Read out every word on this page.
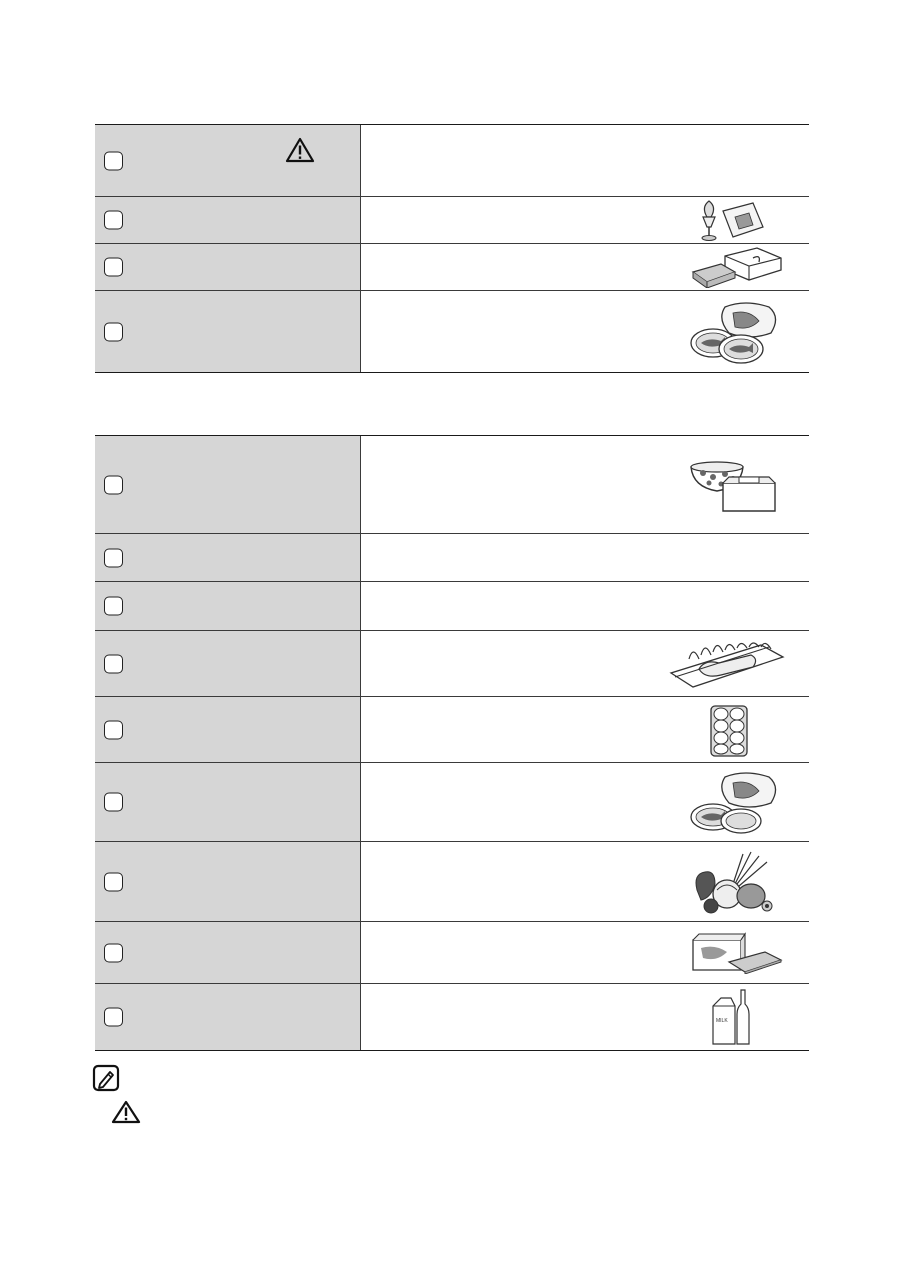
MILK
